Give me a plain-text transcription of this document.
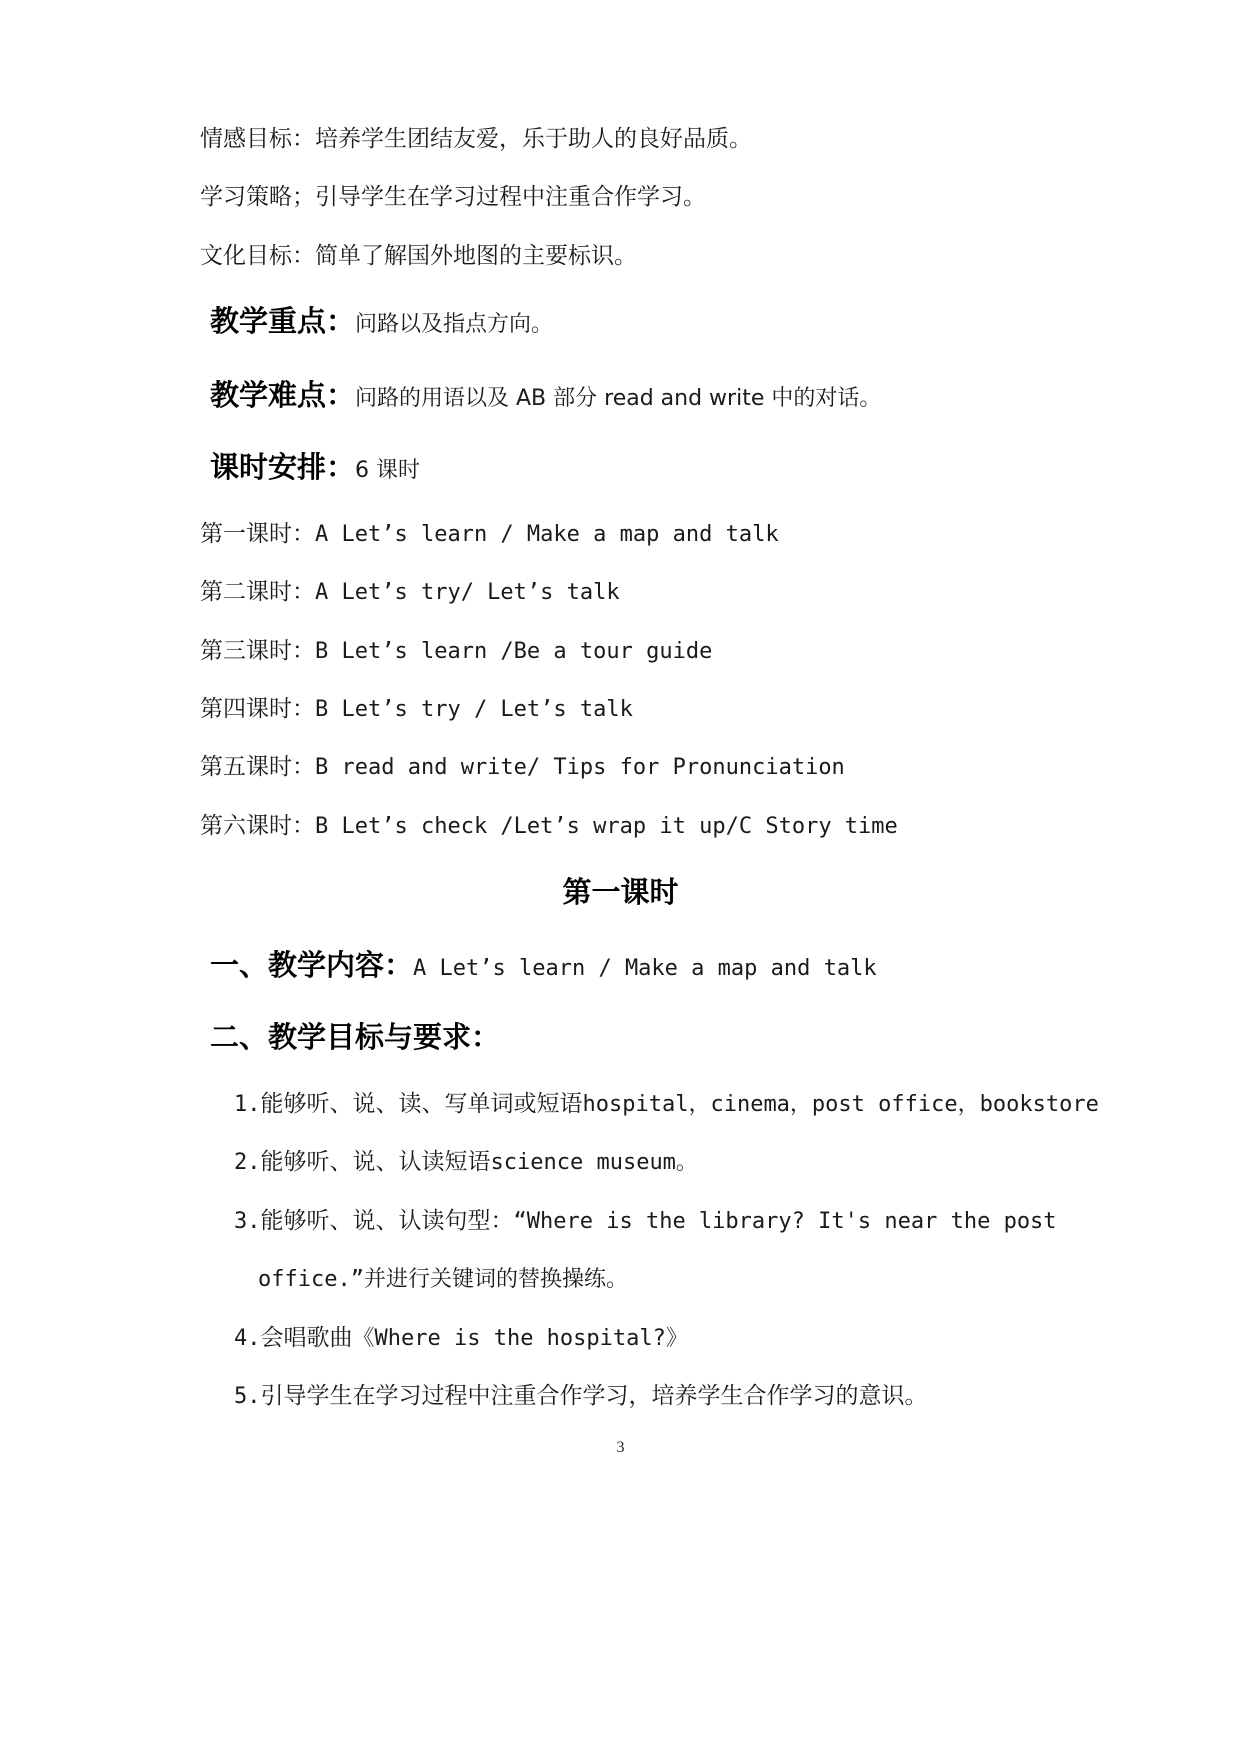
情感目标：培养学生团结友爱，乐于助人的良好品质。
学习策略；引导学生在学习过程中注重合作学习。
文化目标：简单了解国外地图的主要标识。
教学重点：问路以及指点方向。
教学难点：问路的用语以及 AB 部分 read and write 中的对话。
课时安排：6 课时
第一课时：A Let’s learn / Make a map and talk
第二课时：A Let’s try/ Let’s talk
第三课时：B Let’s learn /Be a tour guide
第四课时：B Let’s try / Let’s talk
第五课时：B read and write/ Tips for Pronunciation
第六课时：B Let’s check /Let’s wrap it up/C Story time
第一课时
一、教学内容：A Let’s learn / Make a map and talk
二、教学目标与要求：
1.能够听、说、读、写单词或短语hospital，cinema，post office，bookstore
2.能够听、说、认读短语science museum。
3.能够听、说、认读句型：“Where is the library? It's near the post
office.”并进行关键词的替换操练。
4.会唱歌曲《Where is the hospital?》
5.引导学生在学习过程中注重合作学习，培养学生合作学习的意识。
3
